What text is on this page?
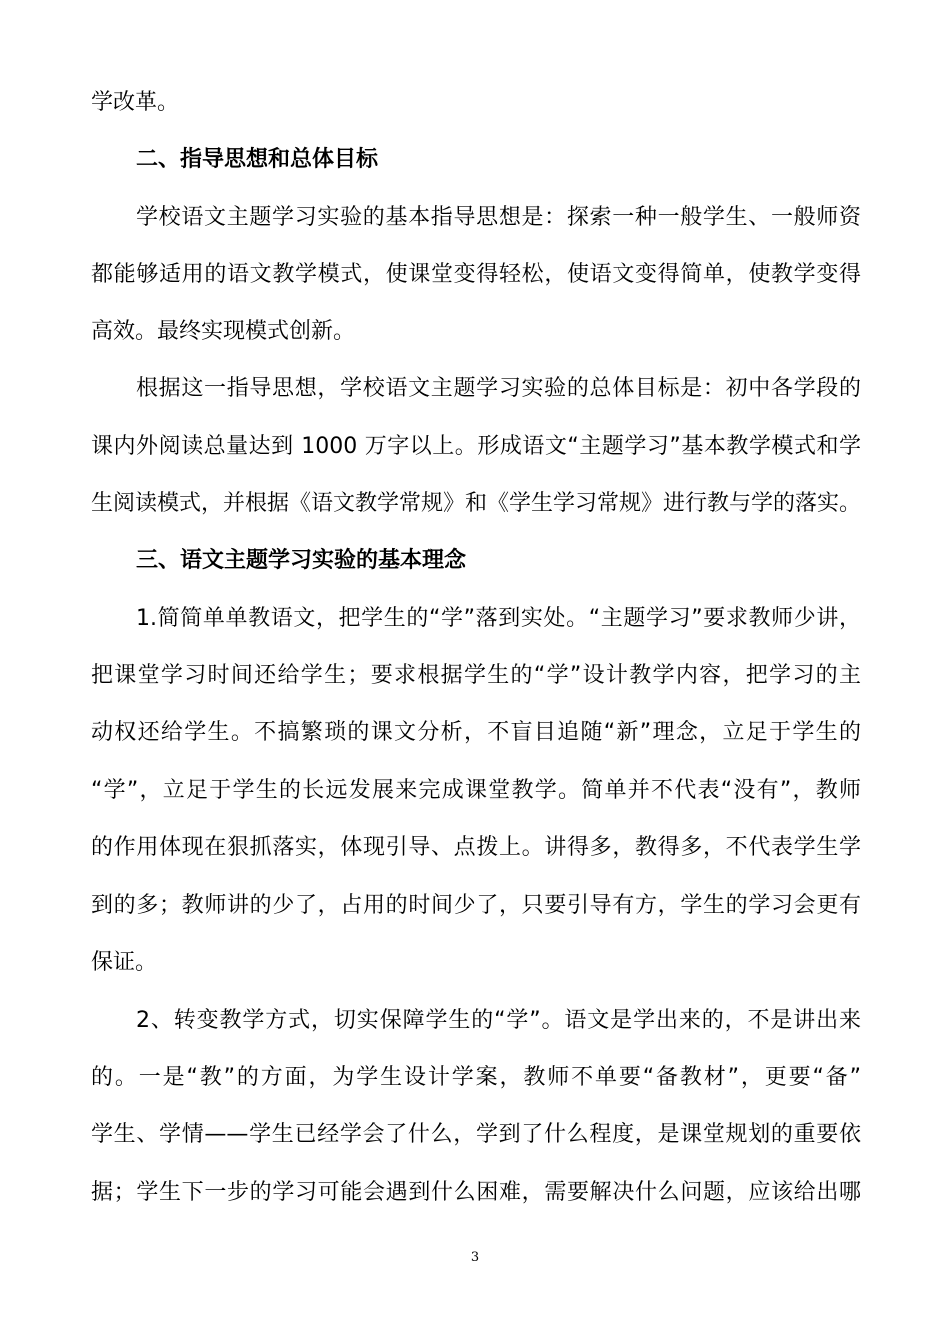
学改革。
二、指导思想和总体目标
学校语文主题学习实验的基本指导思想是：探索一种一般学生、一般师资
都能够适用的语文教学模式，使课堂变得轻松，使语文变得简单，使教学变得
高效。最终实现模式创新。
根据这一指导思想，学校语文主题学习实验的总体目标是：初中各学段的
课内外阅读总量达到 1000 万字以上。形成语文“主题学习”基本教学模式和学
生阅读模式，并根据《语文教学常规》和《学生学习常规》进行教与学的落实。
三、语文主题学习实验的基本理念
1.简简单单教语文，把学生的“学”落到实处。“主题学习”要求教师少讲，
把课堂学习时间还给学生；要求根据学生的“学”设计教学内容，把学习的主
动权还给学生。不搞繁琐的课文分析，不盲目追随“新”理念，立足于学生的
“学”，立足于学生的长远发展来完成课堂教学。简单并不代表“没有”，教师
的作用体现在狠抓落实，体现引导、点拨上。讲得多，教得多，不代表学生学
到的多；教师讲的少了，占用的时间少了，只要引导有方，学生的学习会更有
保证。
2、转变教学方式，切实保障学生的“学”。语文是学出来的，不是讲出来
的。一是“教”的方面，为学生设计学案，教师不单要“备教材”，更要“备”
学生、学情——学生已经学会了什么，学到了什么程度，是课堂规划的重要依
据；学生下一步的学习可能会遇到什么困难，需要解决什么问题，应该给出哪
3
